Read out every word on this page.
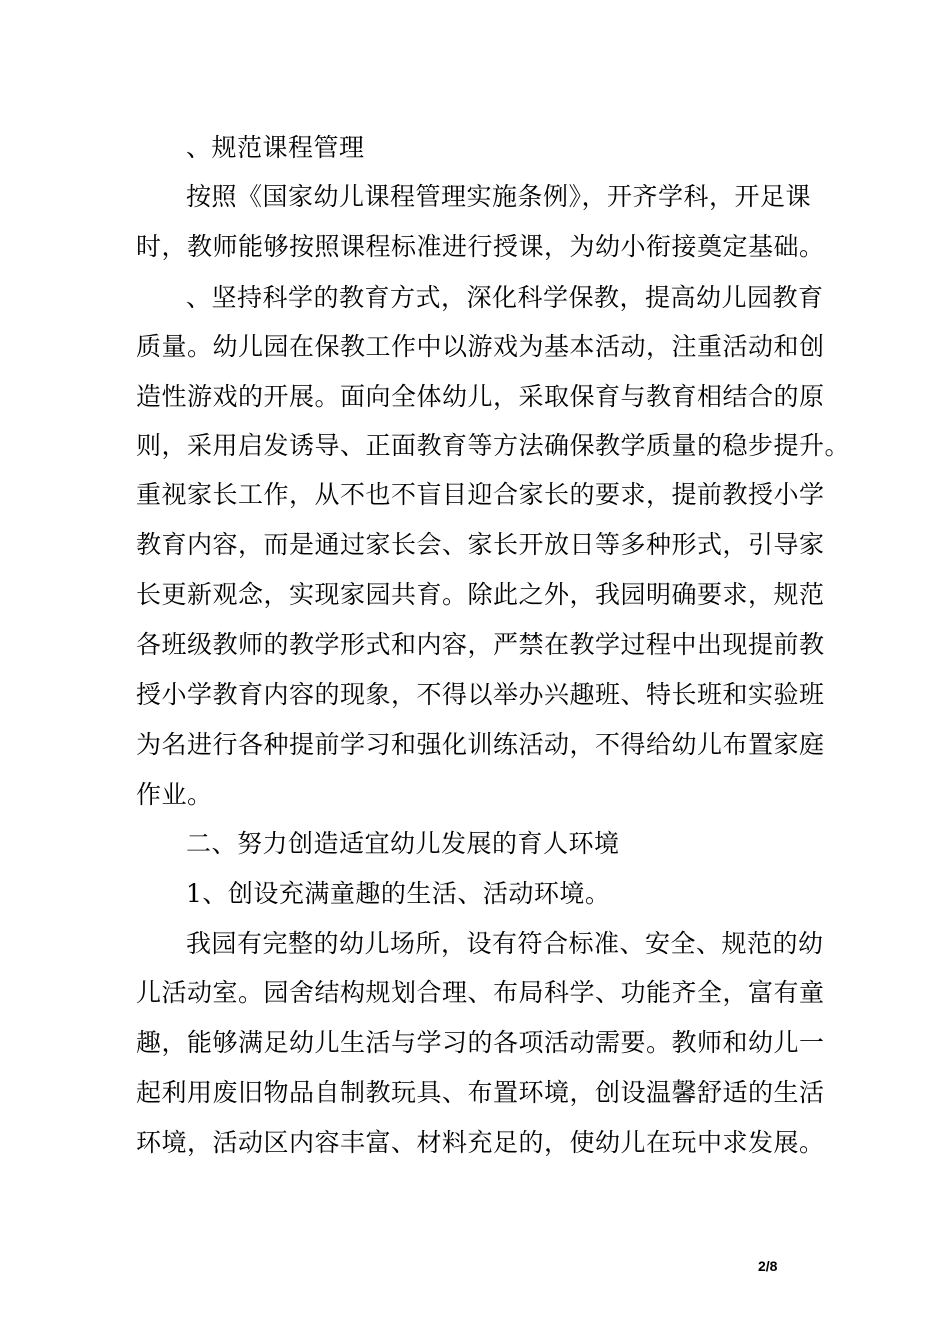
、规范课程管理
按照《国家幼儿课程管理实施条例》，开齐学科，开足课
时，教师能够按照课程标准进行授课，为幼小衔接奠定基础。
、坚持科学的教育方式，深化科学保教，提高幼儿园教育
质量。幼儿园在保教工作中以游戏为基本活动，注重活动和创
造性游戏的开展。面向全体幼儿，采取保育与教育相结合的原
则，采用启发诱导、正面教育等方法确保教学质量的稳步提升。
重视家长工作，从不也不盲目迎合家长的要求，提前教授小学
教育内容，而是通过家长会、家长开放日等多种形式，引导家
长更新观念，实现家园共育。除此之外，我园明确要求，规范
各班级教师的教学形式和内容，严禁在教学过程中出现提前教
授小学教育内容的现象，不得以举办兴趣班、特长班和实验班
为名进行各种提前学习和强化训练活动，不得给幼儿布置家庭
作业。
二、努力创造适宜幼儿发展的育人环境
1、创设充满童趣的生活、活动环境。
我园有完整的幼儿场所，设有符合标准、安全、规范的幼
儿活动室。园舍结构规划合理、布局科学、功能齐全，富有童
趣，能够满足幼儿生活与学习的各项活动需要。教师和幼儿一
起利用废旧物品自制教玩具、布置环境，创设温馨舒适的生活
环境，活动区内容丰富、材料充足的，使幼儿在玩中求发展。
2/8
